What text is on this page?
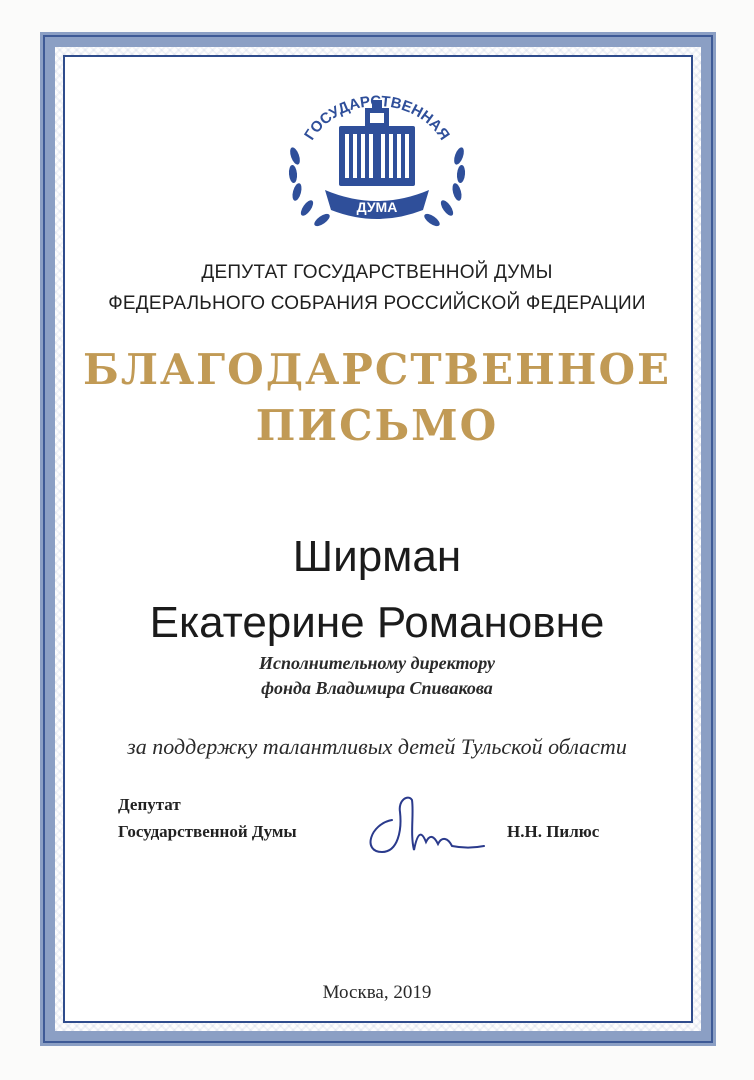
ГОСУДАРСТВЕННАЯ
ДУМА
ДЕПУТАТ ГОСУДАРСТВЕННОЙ ДУМЫ
ФЕДЕРАЛЬНОГО СОБРАНИЯ РОССИЙСКОЙ ФЕДЕРАЦИИ
БЛАГОДАРСТВЕННОЕ
ПИСЬМО
Ширман
Екатерине Романовне
Исполнительному директору
фонда Владимира Спивакова
за поддержку талантливых детей Тульской области
Депутат
Государственной Думы	Н.Н. Пилюс
Москва, 2019
